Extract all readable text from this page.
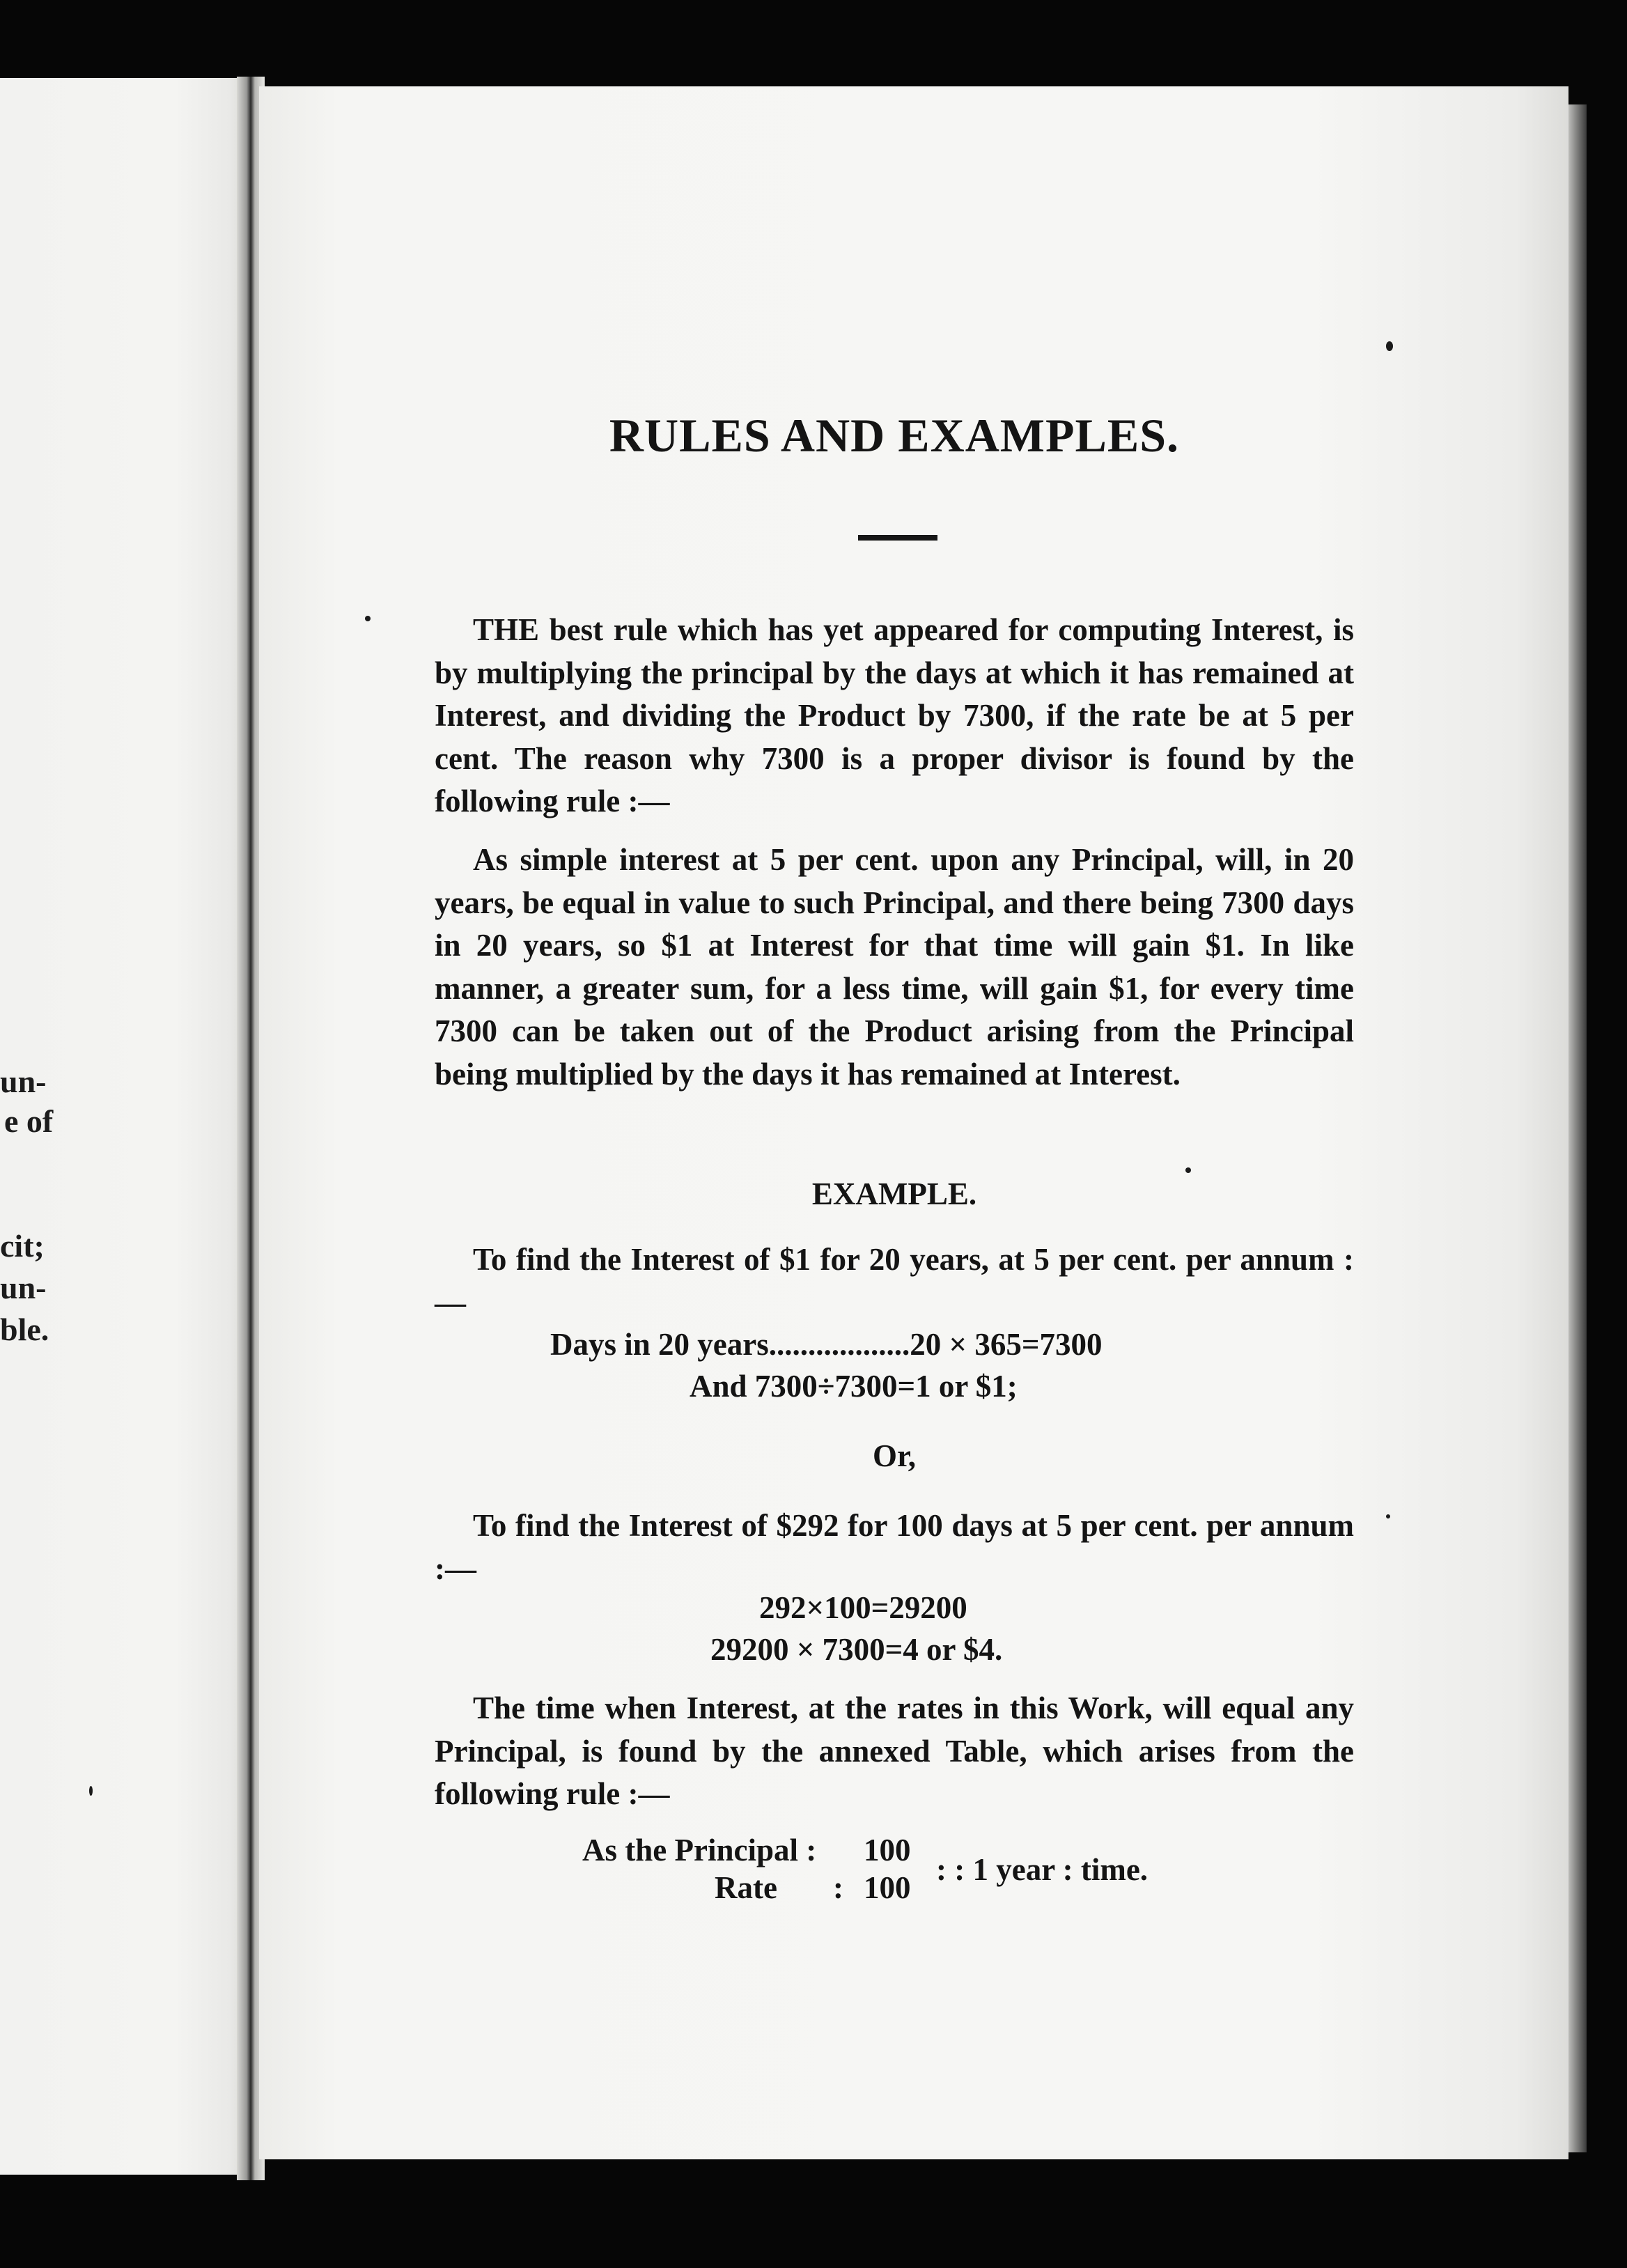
un-
e of
cit;
un-
ble.
RULES AND EXAMPLES.

THE best rule which has yet appeared for computing Interest, is by multiplying the principal by the days at which it has remained at Interest, and dividing the Product by 7300, if the rate be at 5 per cent. The reason why 7300 is a proper divisor is found by the following rule :—

As simple interest at 5 per cent. upon any Principal, will, in 20 years, be equal in value to such Principal, and there being 7300 days in 20 years, so $1 at Interest for that time will gain $1. In like manner, a greater sum, for a less time, will gain $1, for every time 7300 can be taken out of the Product arising from the Principal being multiplied by the days it has remained at Interest.

EXAMPLE.

To find the Interest of $1 for 20 years, at 5 per cent. per annum :—

Days in 20 years..................20 × 365=7300

And 7300÷7300=1 or $1;

Or,

To find the Interest of $292 for 100 days at 5 per cent. per annum :—

292×100=29200

29200 × 7300=4 or $4.

The time when Interest, at the rates in this Work, will equal any Principal, is found by the annexed Table, which arises from the following rule :—

As the Principal : 100
Rate : 100
: : 1 year : time.
